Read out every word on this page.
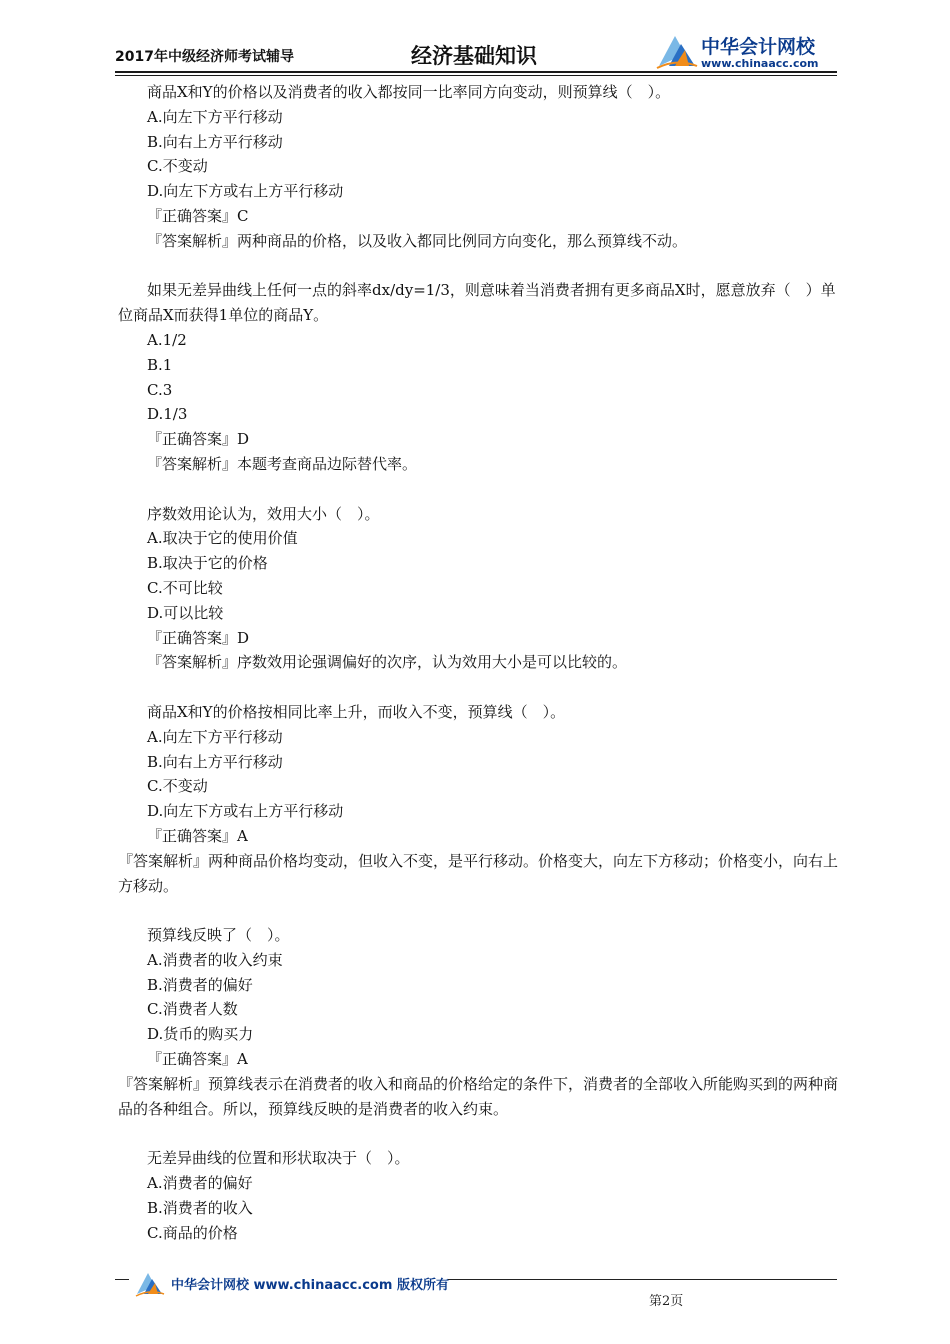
2017年中级经济师考试辅导	经济基础知识	中华会计网校
www.chinaacc.com
商品X和Y的价格以及消费者的收入都按同一比率同方向变动，则预算线（　）。
A.向左下方平行移动
B.向右上方平行移动
C.不变动
D.向左下方或右上方平行移动
『正确答案』C
『答案解析』两种商品的价格，以及收入都同比例同方向变化，那么预算线不动。
如果无差异曲线上任何一点的斜率dx/dy=1/3，则意味着当消费者拥有更多商品X时，愿意放弃（　）单位商品X而获得1单位的商品Y。
A.1/2
B.1
C.3
D.1/3
『正确答案』D
『答案解析』本题考查商品边际替代率。
序数效用论认为，效用大小（　）。
A.取决于它的使用价值
B.取决于它的价格
C.不可比较
D.可以比较
『正确答案』D
『答案解析』序数效用论强调偏好的次序，认为效用大小是可以比较的。
商品X和Y的价格按相同比率上升，而收入不变，预算线（　）。
A.向左下方平行移动
B.向右上方平行移动
C.不变动
D.向左下方或右上方平行移动
『正确答案』A
『答案解析』两种商品价格均变动，但收入不变，是平行移动。价格变大，向左下方移动；价格变小，向右上方移动。
预算线反映了（　）。
A.消费者的收入约束
B.消费者的偏好
C.消费者人数
D.货币的购买力
『正确答案』A
『答案解析』预算线表示在消费者的收入和商品的价格给定的条件下，消费者的全部收入所能购买到的两种商品的各种组合。所以，预算线反映的是消费者的收入约束。
无差异曲线的位置和形状取决于（　）。
A.消费者的偏好
B.消费者的收入
C.商品的价格
中华会计网校 www.chinaacc.com 版权所有
第2页
